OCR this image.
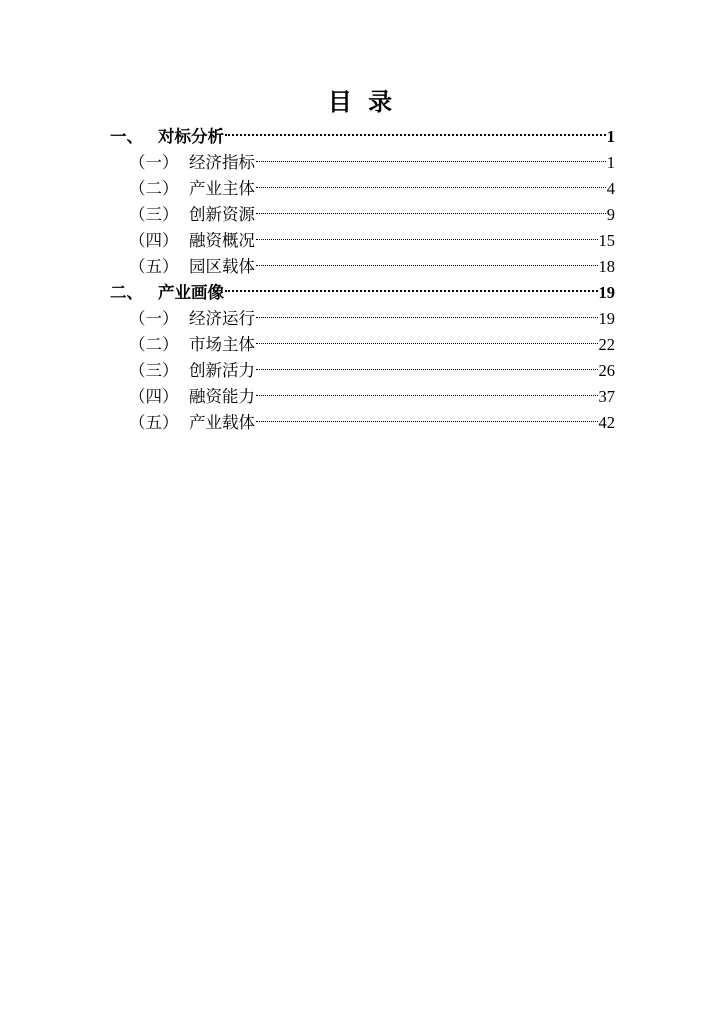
目 录
一、 对标分析	1
（一） 经济指标	1
（二） 产业主体	4
（三） 创新资源	9
（四） 融资概况	15
（五） 园区载体	18
二、 产业画像	19
（一） 经济运行	19
（二） 市场主体	22
（三） 创新活力	26
（四） 融资能力	37
（五） 产业载体	42
